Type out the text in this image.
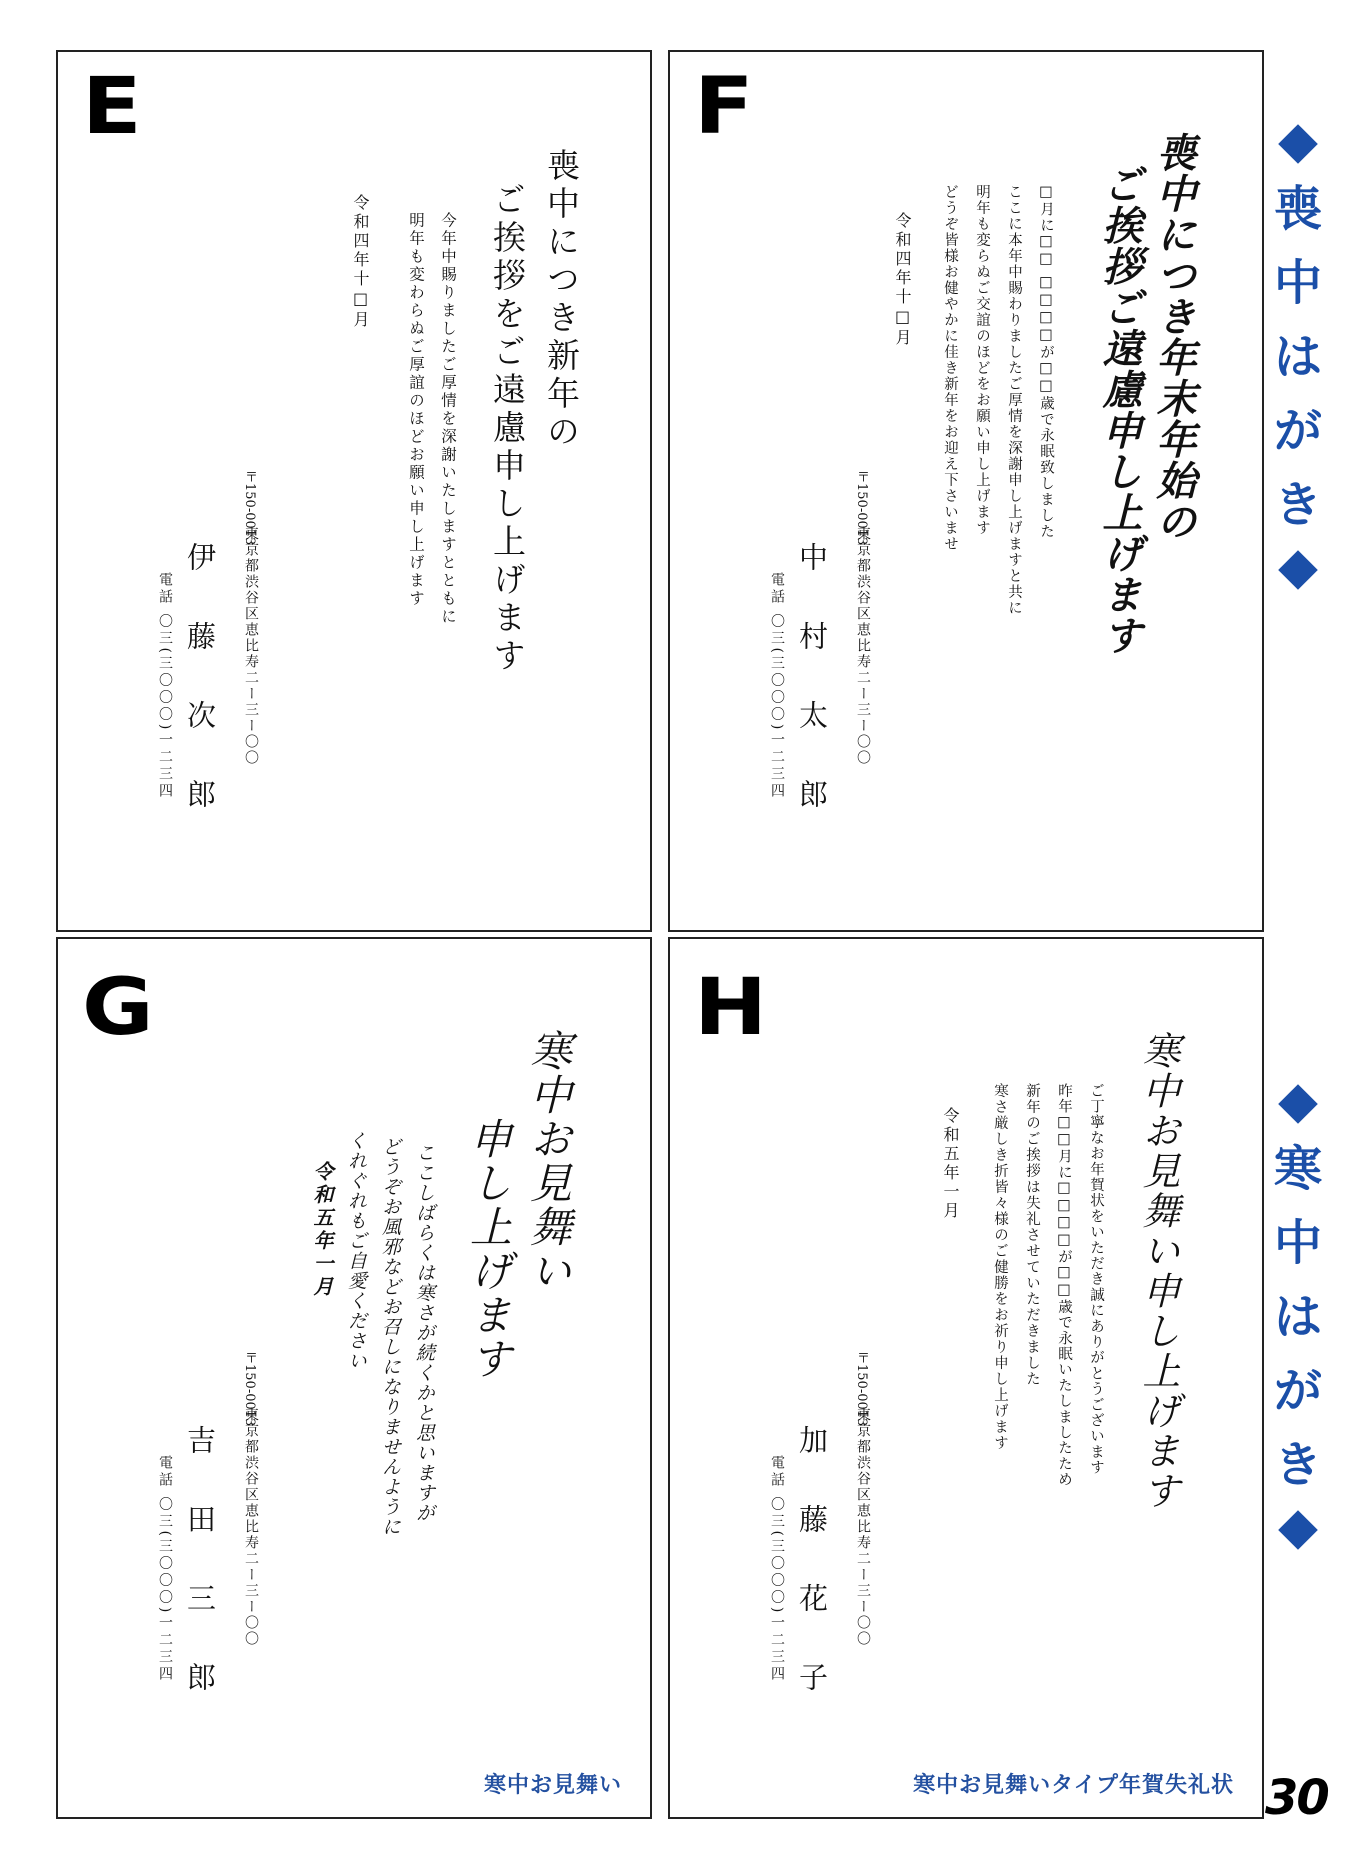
E
喪中につき新年の
ご挨拶をご遠慮申し上げます
今年中賜りましたご厚情を深謝いたしますとともに
明年も変わらぬご厚誼のほどお願い申し上げます
令和四年十□月
〒150-0013
東京都渋谷区恵比寿二ー三ー〇〇
伊藤次郎
電話 〇三(三〇〇〇)一二三四
F
喪中につき年末年始の
ご挨拶ご遠慮申し上げます
□月に□□ □□□□が□□歳で永眠致しました
ここに本年中賜わりましたご厚情を深謝申し上げますと共に
明年も変らぬご交誼のほどをお願い申し上げます
どうぞ皆様お健やかに佳き新年をお迎え下さいませ
令和四年十□月
〒150-0013
東京都渋谷区恵比寿二ー三ー〇〇
中村太郎
電話 〇三(三〇〇〇)一二三四
G
寒中お見舞い
申し上げます
ここしばらくは寒さが続くかと思いますが
どうぞお風邪などお召しになりませんように
くれぐれもご自愛ください
令和五年一月
〒150-0013
東京都渋谷区恵比寿二ー三ー〇〇
吉田三郎
電話 〇三(三〇〇〇)一二三四
寒中お見舞い
H
寒中お見舞い申し上げます
ご丁寧なお年賀状をいただき誠にありがとうございます
昨年□□月に□□□□が□□歳で永眠いたしましたため
新年のご挨拶は失礼させていただきました
寒さ厳しき折皆々様のご健勝をお祈り申し上げます
令和五年一月
〒150-0013
東京都渋谷区恵比寿二ー三ー〇〇
加藤花子
電話 〇三(三〇〇〇)一二三四
寒中お見舞いタイプ年賀失礼状
喪
中
は
が
き
寒
中
は
が
き
30
